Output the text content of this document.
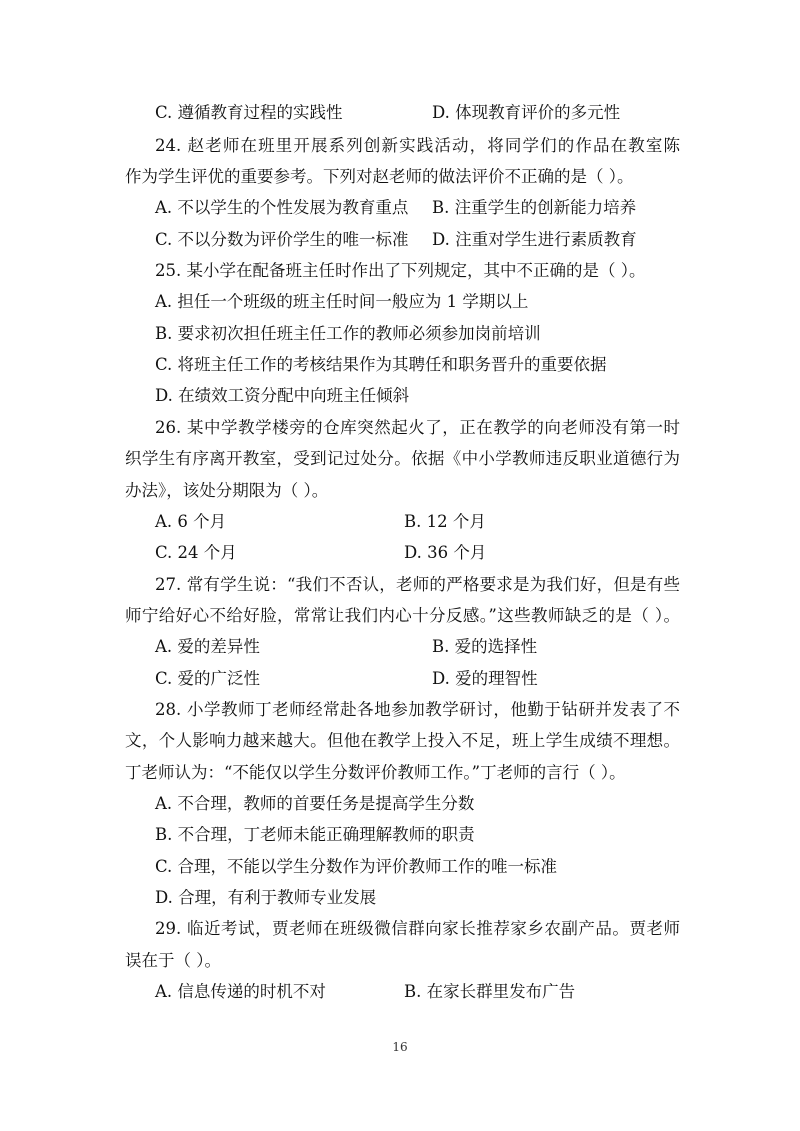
C. 遵循教育过程的实践性	D. 体现教育评价的多元性
24. 赵老师在班里开展系列创新实践活动，将同学们的作品在教室陈
作为学生评优的重要参考。下列对赵老师的做法评价不正确的是（ ）。
A. 不以学生的个性发展为教育重点 B. 注重学生的创新能力培养
C. 不以分数为评价学生的唯一标准 D. 注重对学生进行素质教育
25. 某小学在配备班主任时作出了下列规定，其中不正确的是（ ）。
A. 担任一个班级的班主任时间一般应为 1 学期以上
B. 要求初次担任班主任工作的教师必须参加岗前培训
C. 将班主任工作的考核结果作为其聘任和职务晋升的重要依据
D. 在绩效工资分配中向班主任倾斜
26. 某中学教学楼旁的仓库突然起火了，正在教学的向老师没有第一时
织学生有序离开教室，受到记过处分。依据《中小学教师违反职业道德行为
办法》，该处分期限为（ ）。
A. 6 个月	B. 12 个月
C. 24 个月	D. 36 个月
27. 常有学生说：“我们不否认，老师的严格要求是为我们好，但是有些
师宁给好心不给好脸，常常让我们内心十分反感。”这些教师缺乏的是（ ）。
A. 爱的差异性	B. 爱的选择性
C. 爱的广泛性	D. 爱的理智性
28. 小学教师丁老师经常赴各地参加教学研讨，他勤于钻研并发表了不
文，个人影响力越来越大。但他在教学上投入不足，班上学生成绩不理想。
丁老师认为：“不能仅以学生分数评价教师工作。”丁老师的言行（ ）。
A. 不合理，教师的首要任务是提高学生分数
B. 不合理，丁老师未能正确理解教师的职责
C. 合理，不能以学生分数作为评价教师工作的唯一标准
D. 合理，有利于教师专业发展
29. 临近考试，贾老师在班级微信群向家长推荐家乡农副产品。贾老师
误在于（ ）。
A. 信息传递的时机不对	B. 在家长群里发布广告
16
